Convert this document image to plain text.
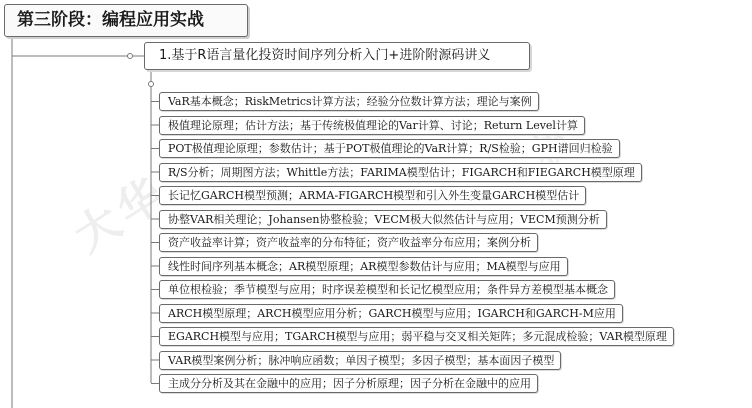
大华
第三阶段：编程应用实战
1.基于R语言量化投资时间序列分析入门+进阶附源码讲义
VaR基本概念；RiskMetrics计算方法；经验分位数计算方法；理论与案例
极值理论原理；估计方法；基于传统极值理论的Var计算、讨论；Return Level计算
POT极值理论原理；参数估计；基于POT极值理论的VaR计算；R/S检验；GPH谱回归检验
R/S分析；周期图方法；Whittle方法；FARIMA模型估计；FIGARCH和FIEGARCH模型原理
长记忆GARCH模型预测；ARMA-FIGARCH模型和引入外生变量GARCH模型估计
协整VAR相关理论；Johansen协整检验；VECM极大似然估计与应用；VECM预测分析
资产收益率计算；资产收益率的分布特征；资产收益率分布应用；案例分析
线性时间序列基本概念；AR模型原理；AR模型参数估计与应用；MA模型与应用
单位根检验；季节模型与应用；时序误差模型和长记忆模型应用；条件异方差模型基本概念
ARCH模型原理；ARCH模型应用分析；GARCH模型与应用；IGARCH和GARCH-M应用
EGARCH模型与应用；TGARCH模型与应用；弱平稳与交叉相关矩阵；多元混成检验；VAR模型原理
VAR模型案例分析；脉冲响应函数；单因子模型；多因子模型；基本面因子模型
主成分分析及其在金融中的应用；因子分析原理；因子分析在金融中的应用
